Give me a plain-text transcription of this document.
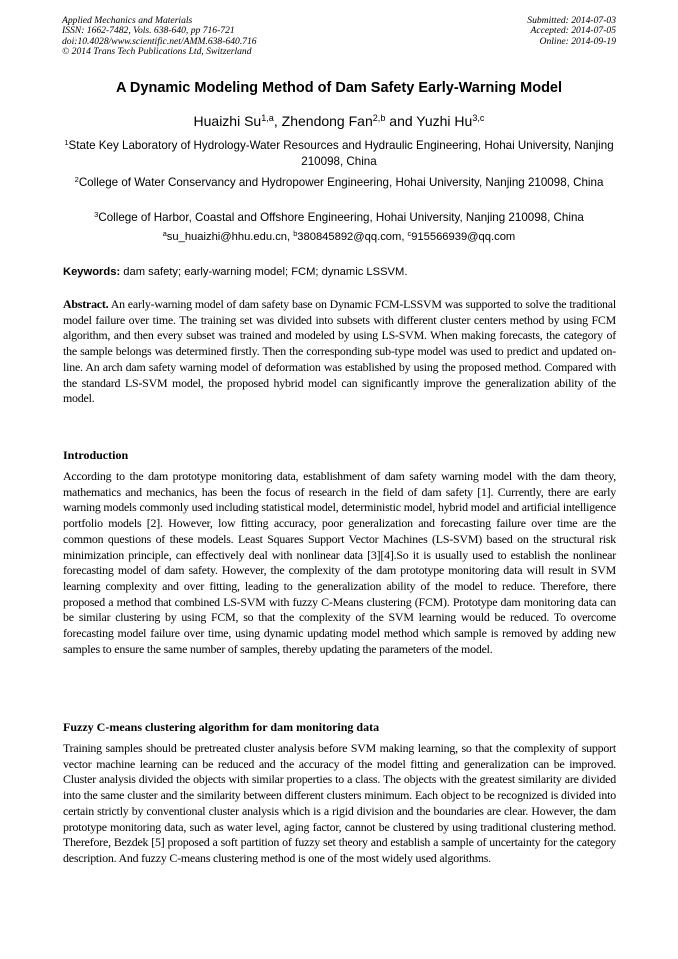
Applied Mechanics and Materials
ISSN: 1662-7482, Vols. 638-640, pp 716-721
doi:10.4028/www.scientific.net/AMM.638-640.716
© 2014 Trans Tech Publications Ltd, Switzerland
Submitted: 2014-07-03
Accepted: 2014-07-05
Online: 2014-09-19
A Dynamic Modeling Method of Dam Safety Early-Warning Model
Huaizhi Su$^{1,a}$, Zhendong Fan$^{2,b}$ and Yuzhi Hu$^{3,c}$
$^1$State Key Laboratory of Hydrology-Water Resources and Hydraulic Engineering, Hohai University, Nanjing 210098, China
$^2$College of Water Conservancy and Hydropower Engineering, Hohai University, Nanjing 210098, China
$^3$College of Harbor, Coastal and Offshore Engineering, Hohai University, Nanjing 210098, China
$^a$su_huaizhi@hhu.edu.cn, $^b$380845892@qq.com, $^c$915566939@qq.com
Keywords: dam safety; early-warning model; FCM; dynamic LSSVM.
Abstract. An early-warning model of dam safety base on Dynamic FCM-LSSVM was supported to solve the traditional model failure over time. The training set was divided into subsets with different cluster centers method by using FCM algorithm, and then every subset was trained and modeled by using LS-SVM. When making forecasts, the category of the sample belongs was determined firstly. Then the corresponding sub-type model was used to predict and updated on-line. An arch dam safety warning model of deformation was established by using the proposed method. Compared with the standard LS-SVM model, the proposed hybrid model can significantly improve the generalization ability of the model.
Introduction
According to the dam prototype monitoring data, establishment of dam safety warning model with the dam theory, mathematics and mechanics, has been the focus of research in the field of dam safety [1]. Currently, there are early warning models commonly used including statistical model, deterministic model, hybrid model and artificial intelligence portfolio models [2]. However, low fitting accuracy, poor generalization and forecasting failure over time are the common questions of these models. Least Squares Support Vector Machines (LS-SVM) based on the structural risk minimization principle, can effectively deal with nonlinear data [3][4].So it is usually used to establish the nonlinear forecasting model of dam safety. However, the complexity of the dam prototype monitoring data will result in SVM learning complexity and over fitting, leading to the generalization ability of the model to reduce. Therefore, there proposed a method that combined LS-SVM with fuzzy C-Means clustering (FCM). Prototype dam monitoring data can be similar clustering by using FCM, so that the complexity of the SVM learning would be reduced. To overcome forecasting model failure over time, using dynamic updating model method which sample is removed by adding new samples to ensure the same number of samples, thereby updating the parameters of the model.
Fuzzy C-means clustering algorithm for dam monitoring data
Training samples should be pretreated cluster analysis before SVM making learning, so that the complexity of support vector machine learning can be reduced and the accuracy of the model fitting and generalization can be improved. Cluster analysis divided the objects with similar properties to a class. The objects with the greatest similarity are divided into the same cluster and the similarity between different clusters minimum. Each object to be recognized is divided into certain strictly by conventional cluster analysis which is a rigid division and the boundaries are clear. However, the dam prototype monitoring data, such as water level, aging factor, cannot be clustered by using traditional clustering method. Therefore, Bezdek [5] proposed a soft partition of fuzzy set theory and establish a sample of uncertainty for the category description. And fuzzy C-means clustering method is one of the most widely used algorithms.
